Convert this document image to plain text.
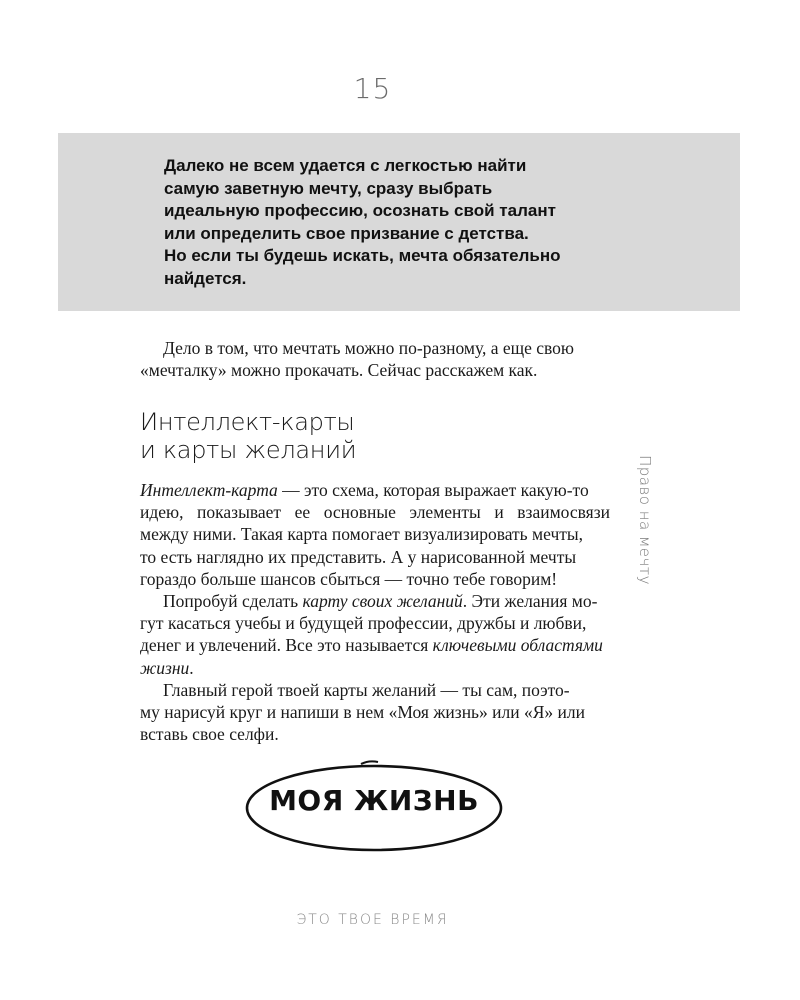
15
Далеко не всем удается с легкостью найти
самую заветную мечту, сразу выбрать
идеальную профессию, осознать свой талант
или определить свое призвание с детства.
Но если ты будешь искать, мечта обязательно
найдется.
Дело в том, что мечтать можно по-разному, а еще свою
«мечталку» можно прокачать. Сейчас расскажем как.
Интеллект-карты
и карты желаний
Интеллект-карта — это схема, которая выражает какую-то
идею, показывает ее основные элементы и взаимосвязи
между ними. Такая карта помогает визуализировать мечты,
то есть наглядно их представить. А у нарисованной мечты
гораздо больше шансов сбыться — точно тебе говорим!
Попробуй сделать карту своих желаний. Эти желания мо-
гут касаться учебы и будущей профессии, дружбы и любви,
денег и увлечений. Все это называется ключевыми областями
жизни.
Главный герой твоей карты желаний — ты сам, поэто-
му нарисуй круг и напиши в нем «Моя жизнь» или «Я» или
вставь свое селфи.
Право на мечту
МОЯ ЖИЗНЬ
ЭТО ТВОЕ ВРЕМЯ
